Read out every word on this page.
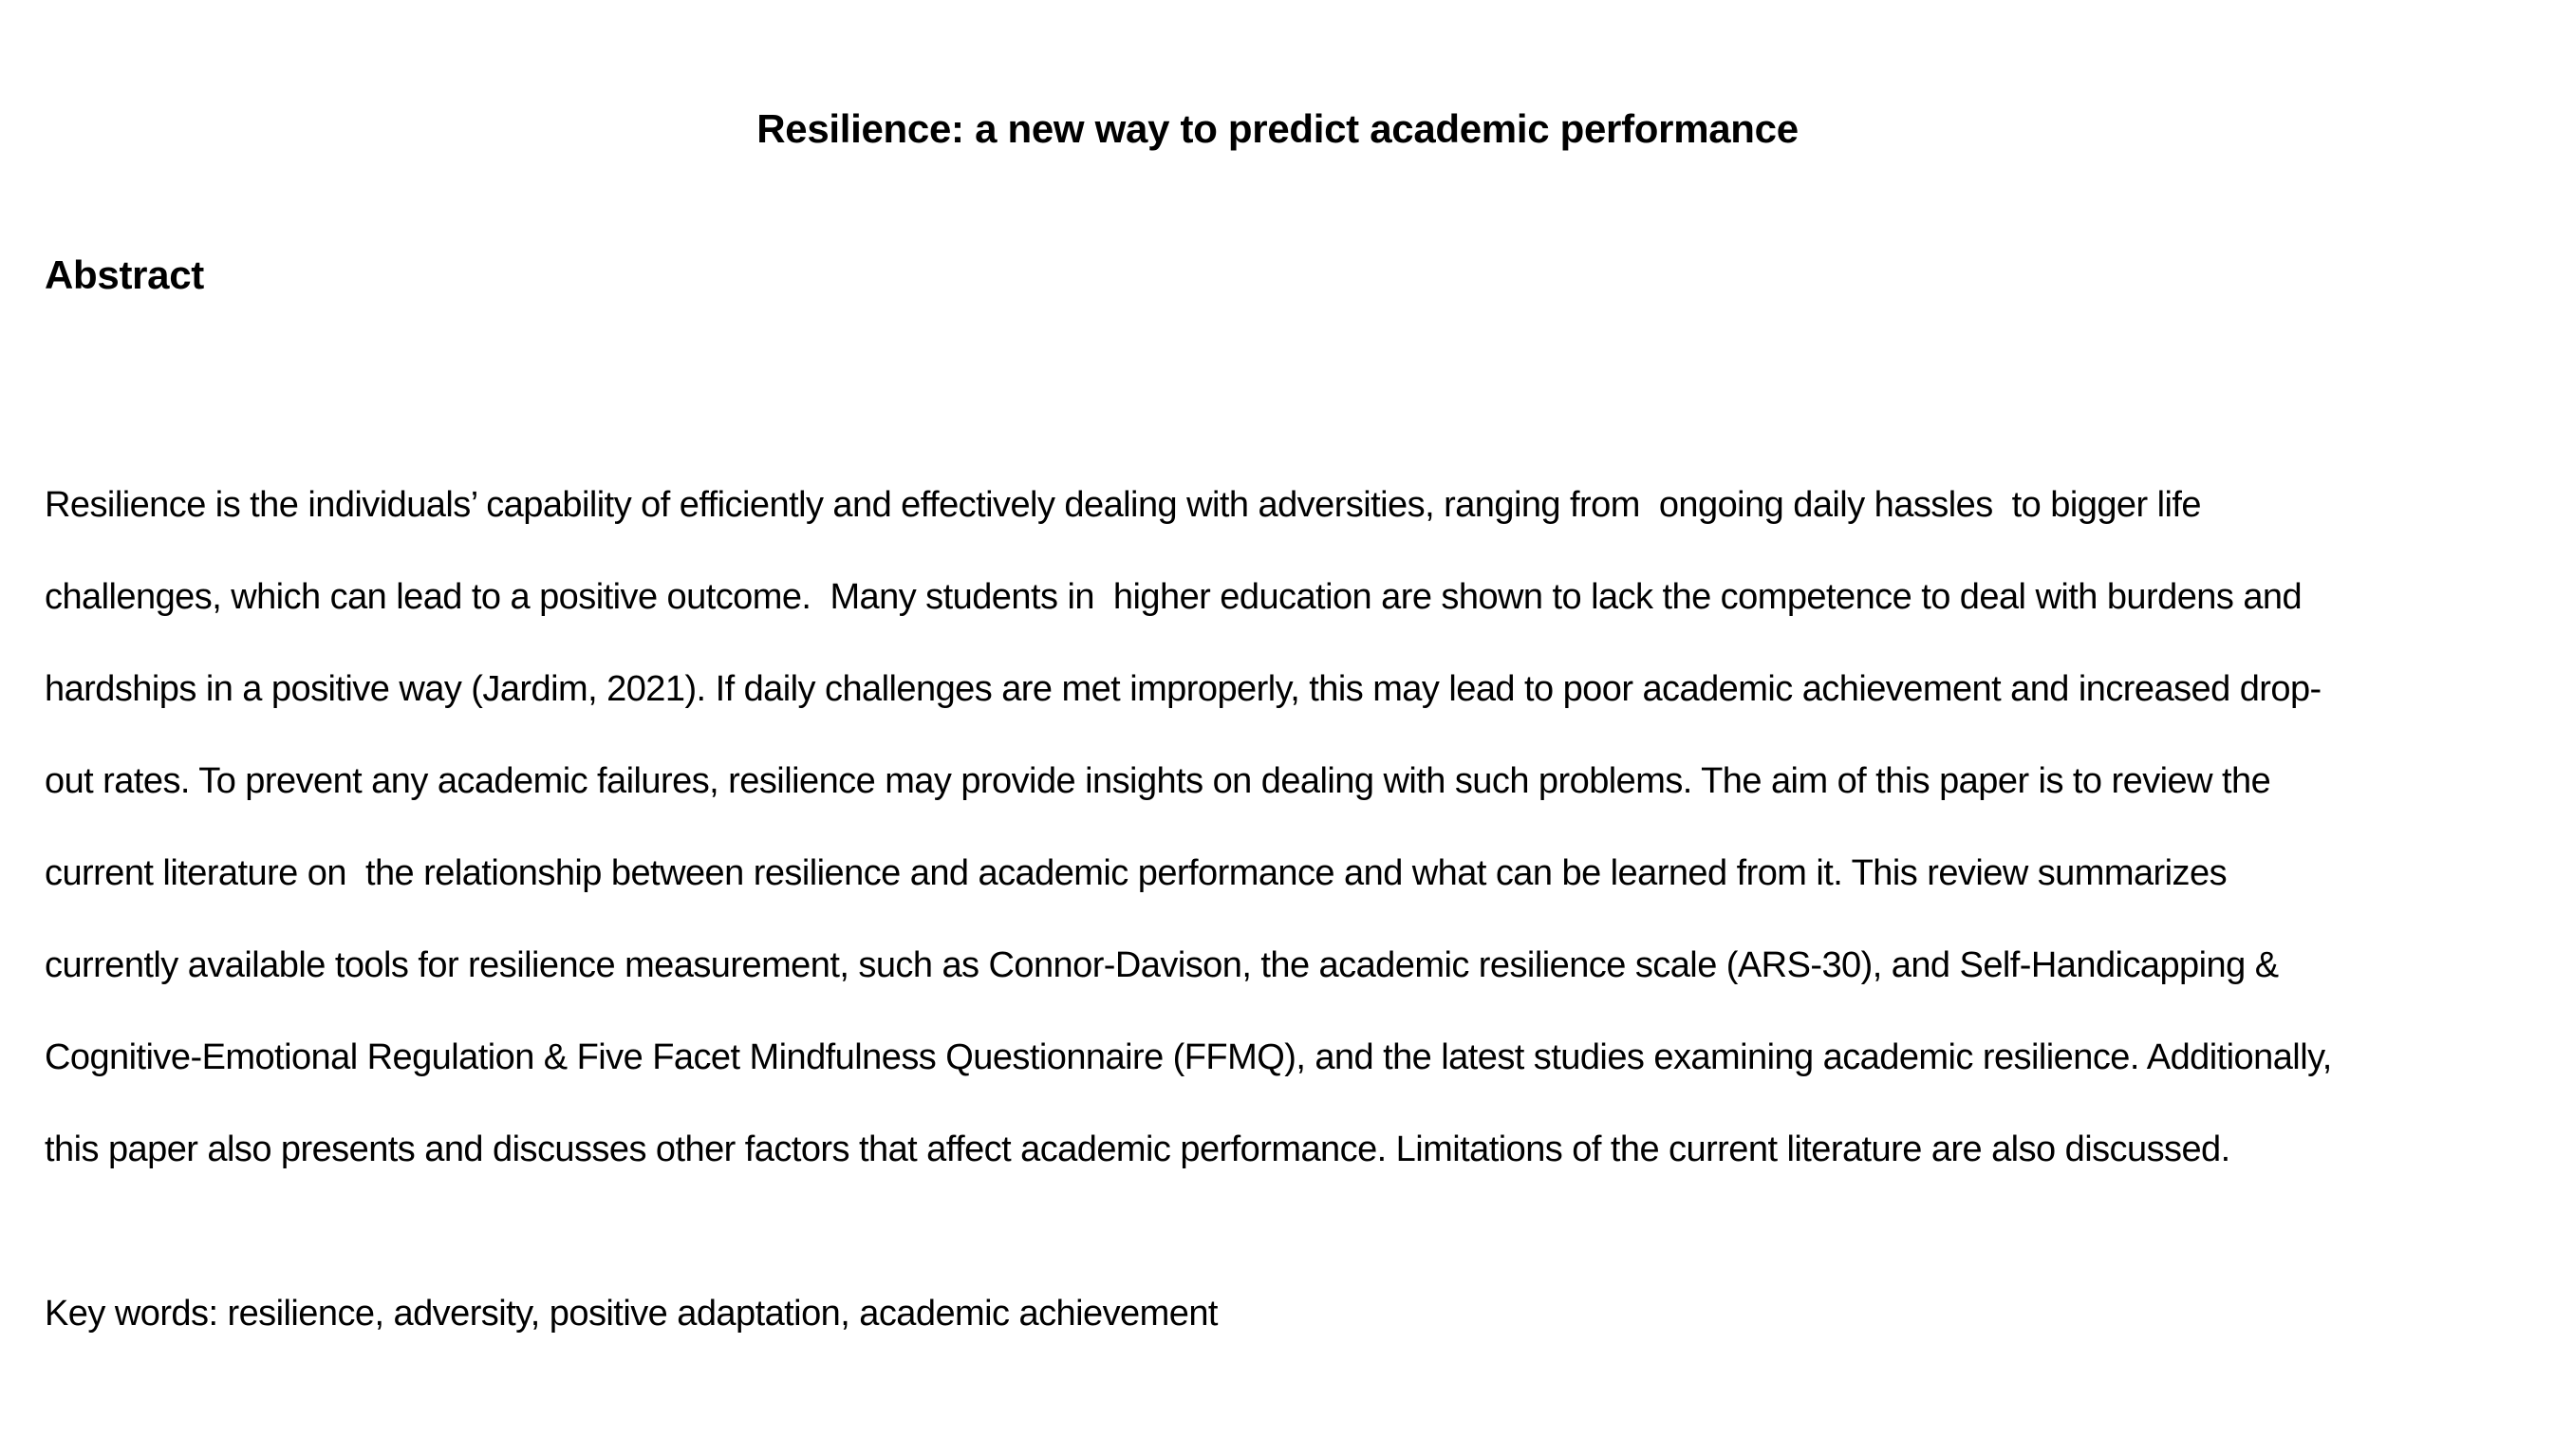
Resilience: a new way to predict academic performance
Abstract
Resilience is the individuals’ capability of efficiently and effectively dealing with adversities, ranging from  ongoing daily hassles  to bigger life
challenges, which can lead to a positive outcome.  Many students in  higher education are shown to lack the competence to deal with burdens and
hardships in a positive way (Jardim, 2021). If daily challenges are met improperly, this may lead to poor academic achievement and increased drop-
out rates. To prevent any academic failures, resilience may provide insights on dealing with such problems. The aim of this paper is to review the
current literature on  the relationship between resilience and academic performance and what can be learned from it. This review summarizes
currently available tools for resilience measurement, such as Connor-Davison, the academic resilience scale (ARS-30), and Self-Handicapping &
Cognitive-Emotional Regulation & Five Facet Mindfulness Questionnaire (FFMQ), and the latest studies examining academic resilience. Additionally,
this paper also presents and discusses other factors that affect academic performance. Limitations of the current literature are also discussed.

Key words: resilience, adversity, positive adaptation, academic achievement
